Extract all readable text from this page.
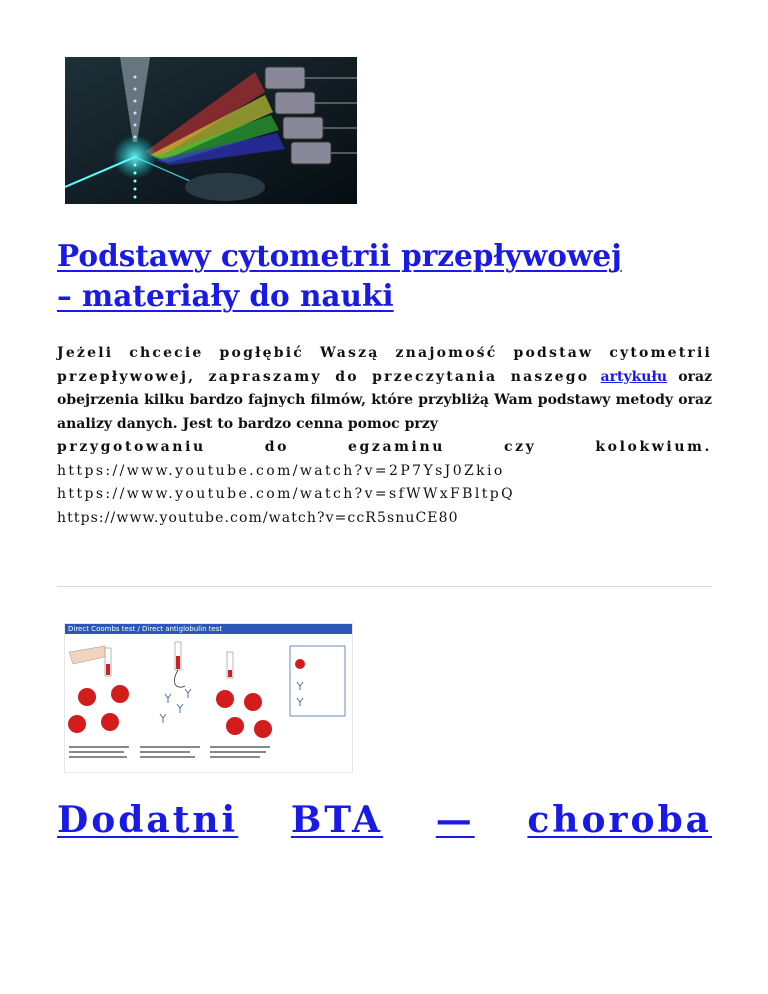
Podstawy cytometrii przepływowej
– materiały do nauki
Jeżeli chcecie pogłębić Waszą znajomość podstaw cytometrii przepływowej, zapraszamy do przeczytania naszego artykułu oraz obejrzenia kilku bardzo fajnych filmów, które przybliżą Wam podstawy metody oraz analizy danych. Jest to bardzo cenna pomoc przy
przygotowaniu	do	egzaminu	czy	kolokwium.
https://www.youtube.com/watch?v=2P7YsJ0Zkio
https://www.youtube.com/watch?v=sfWWxFBltpQ
https://www.youtube.com/watch?v=ccR5snuCE80
Direct Coombs test / Direct antiglobulin test
Dodatni BTA — choroba
